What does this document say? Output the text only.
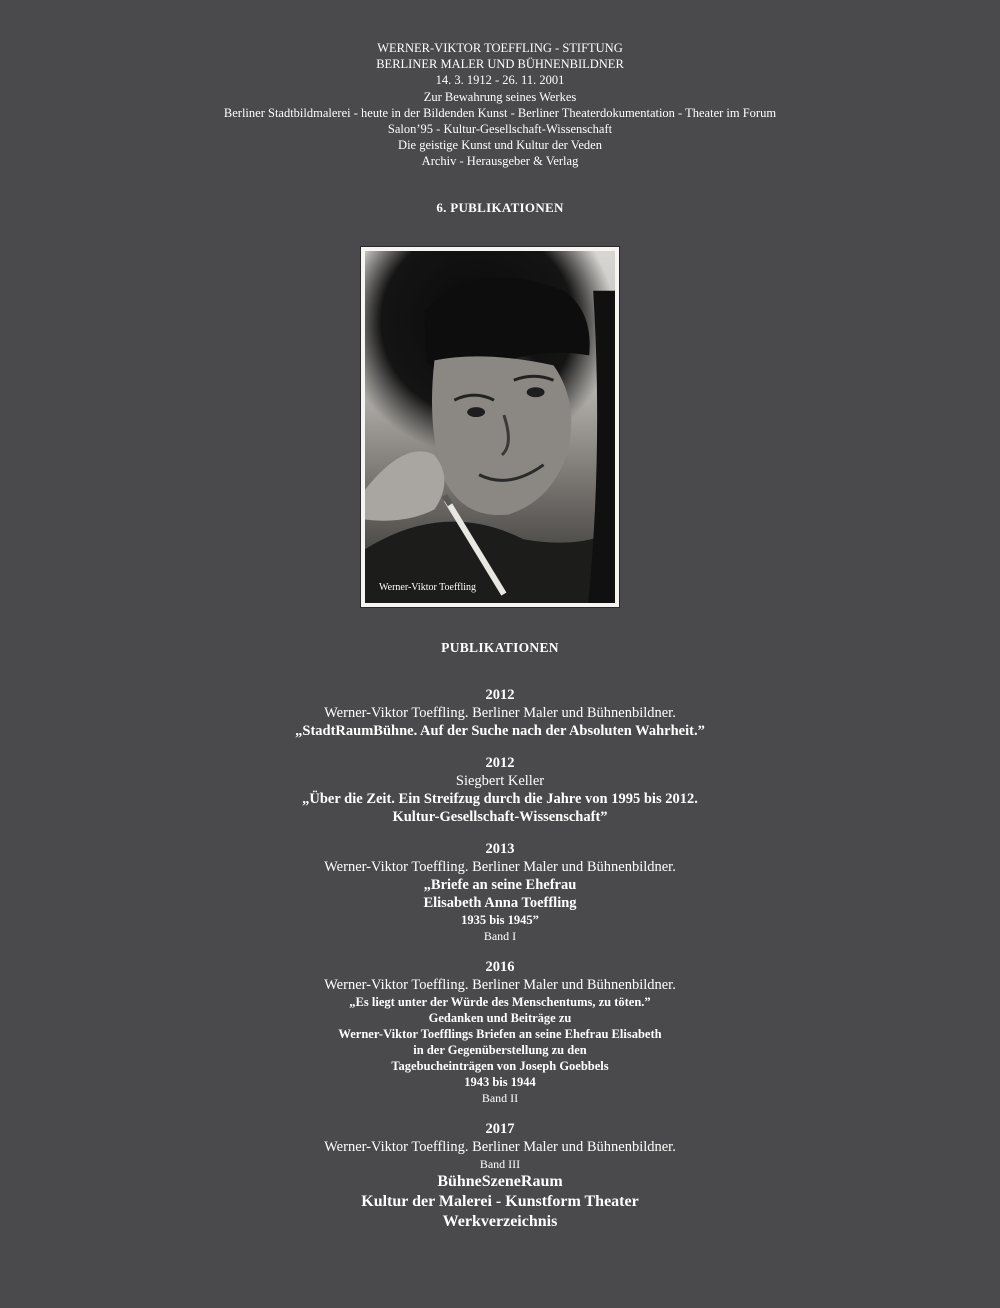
WERNER-VIKTOR TOEFFLING - STIFTUNG
BERLINER MALER UND BÜHNENBILDNER
14. 3. 1912 - 26. 11. 2001
Zur Bewahrung seines Werkes
Berliner Stadtbildmalerei - heute in der Bildenden Kunst - Berliner Theaterdokumentation - Theater im Forum
Salon’95 - Kultur-Gesellschaft-Wissenschaft
Die geistige Kunst und Kultur der Veden
Archiv - Herausgeber & Verlag
6. PUBLIKATIONEN
Werner-Viktor Toeffling
PUBLIKATIONEN
2012
Werner-Viktor Toeffling. Berliner Maler und Bühnenbildner.
„StadtRaumBühne. Auf der Suche nach der Absoluten Wahrheit.”
2012
Siegbert Keller
„Über die Zeit. Ein Streifzug durch die Jahre von 1995 bis 2012.
Kultur-Gesellschaft-Wissenschaft”
2013
Werner-Viktor Toeffling. Berliner Maler und Bühnenbildner.
„Briefe an seine Ehefrau
Elisabeth Anna Toeffling
1935 bis 1945”
Band I
2016
Werner-Viktor Toeffling. Berliner Maler und Bühnenbildner.
„Es liegt unter der Würde des Menschentums, zu töten.”
Gedanken und Beiträge zu
Werner-Viktor Toefflings Briefen an seine Ehefrau Elisabeth
in der Gegenüberstellung zu den
Tagebucheinträgen von Joseph Goebbels
1943 bis 1944
Band II
2017
Werner-Viktor Toeffling. Berliner Maler und Bühnenbildner.
Band III
BühneSzeneRaum
Kultur der Malerei - Kunstform Theater
Werkverzeichnis
